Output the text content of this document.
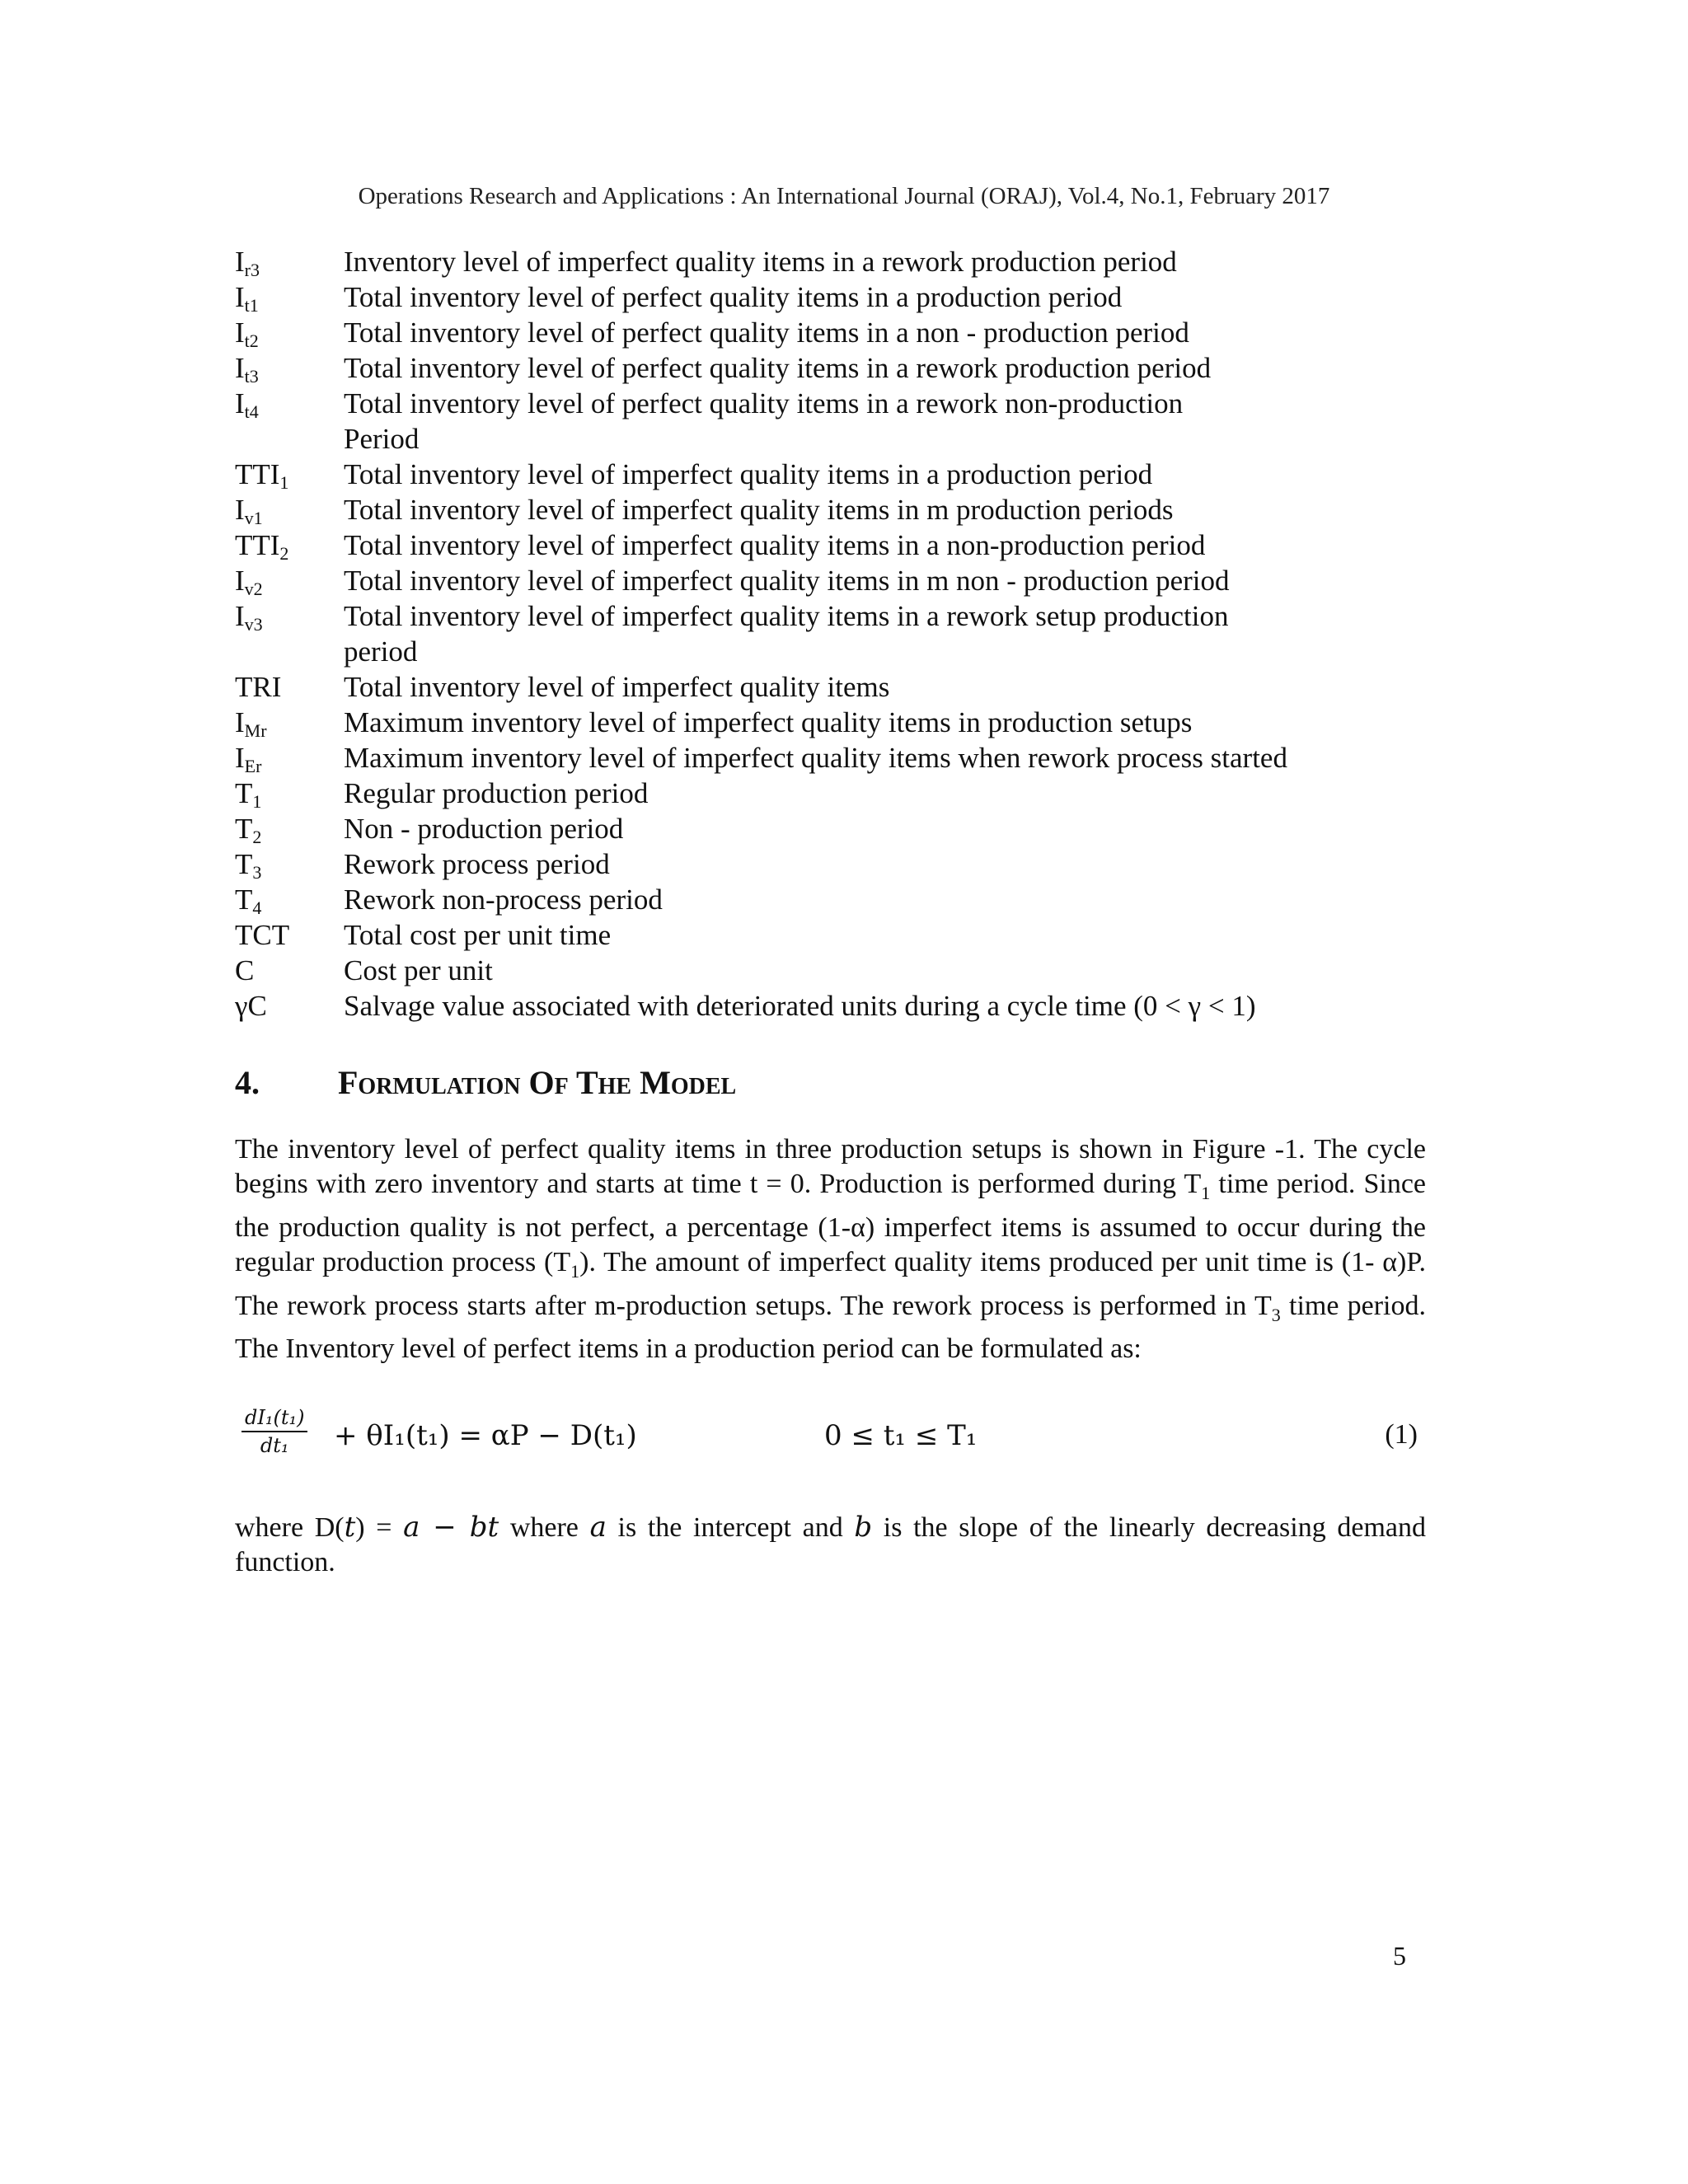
Operations Research and Applications : An International Journal (ORAJ), Vol.4, No.1, February 2017
$I_{r3}$	Inventory level of imperfect quality items in a rework production period
$I_{t1}$	Total inventory level of perfect quality items in a production period
$I_{t2}$	Total inventory level of perfect quality items in a non - production period
$I_{t3}$	Total inventory level of perfect quality items in a rework production period
$I_{t4}$	Total inventory level of perfect quality items in a rework non-production
Period
$TTI_1$	Total inventory level of imperfect quality items in a production period
$I_{v1}$	Total inventory level of imperfect quality items in m production periods
$TTI_2$	Total inventory level of imperfect quality items in a non-production period
$I_{v2}$	Total inventory level of imperfect quality items in m non - production period
$I_{v3}$	Total inventory level of imperfect quality items in a rework setup production
period
TRI	Total inventory level of imperfect quality items
$I_{Mr}$	Maximum inventory level of imperfect quality items in production setups
$I_{Er}$	Maximum inventory level of imperfect quality items when rework process started
$T_1$	Regular production period
$T_2$	Non - production period
$T_3$	Rework process period
$T_4$	Rework non-process period
TCT	Total cost per unit time
C	Cost per unit
γC	Salvage value associated with deteriorated units during a cycle time (0 < γ < 1)
4.	Formulation Of The Model
The inventory level of perfect quality items in three production setups is shown in Figure -1. The cycle begins with zero inventory and starts at time t = 0. Production is performed during $T_1$ time period. Since the production quality is not perfect, a percentage (1-α) imperfect items is assumed to occur during the regular production process $(T_1)$. The amount of imperfect quality items produced per unit time is (1- α)P. The rework process starts after m-production setups. The rework process is performed in $T_3$ time period. The Inventory level of perfect items in a production period can be formulated as:
$\frac{\text{dI₁(t₁)}}{\text{dt₁}} + \theta I_1(t_1) = \alpha P - D(t_1)$	0 ≤ t₁ ≤ T₁	(1)
where D(t) = a − bt where a is the intercept and b is the slope of the linearly decreasing demand function.
5
